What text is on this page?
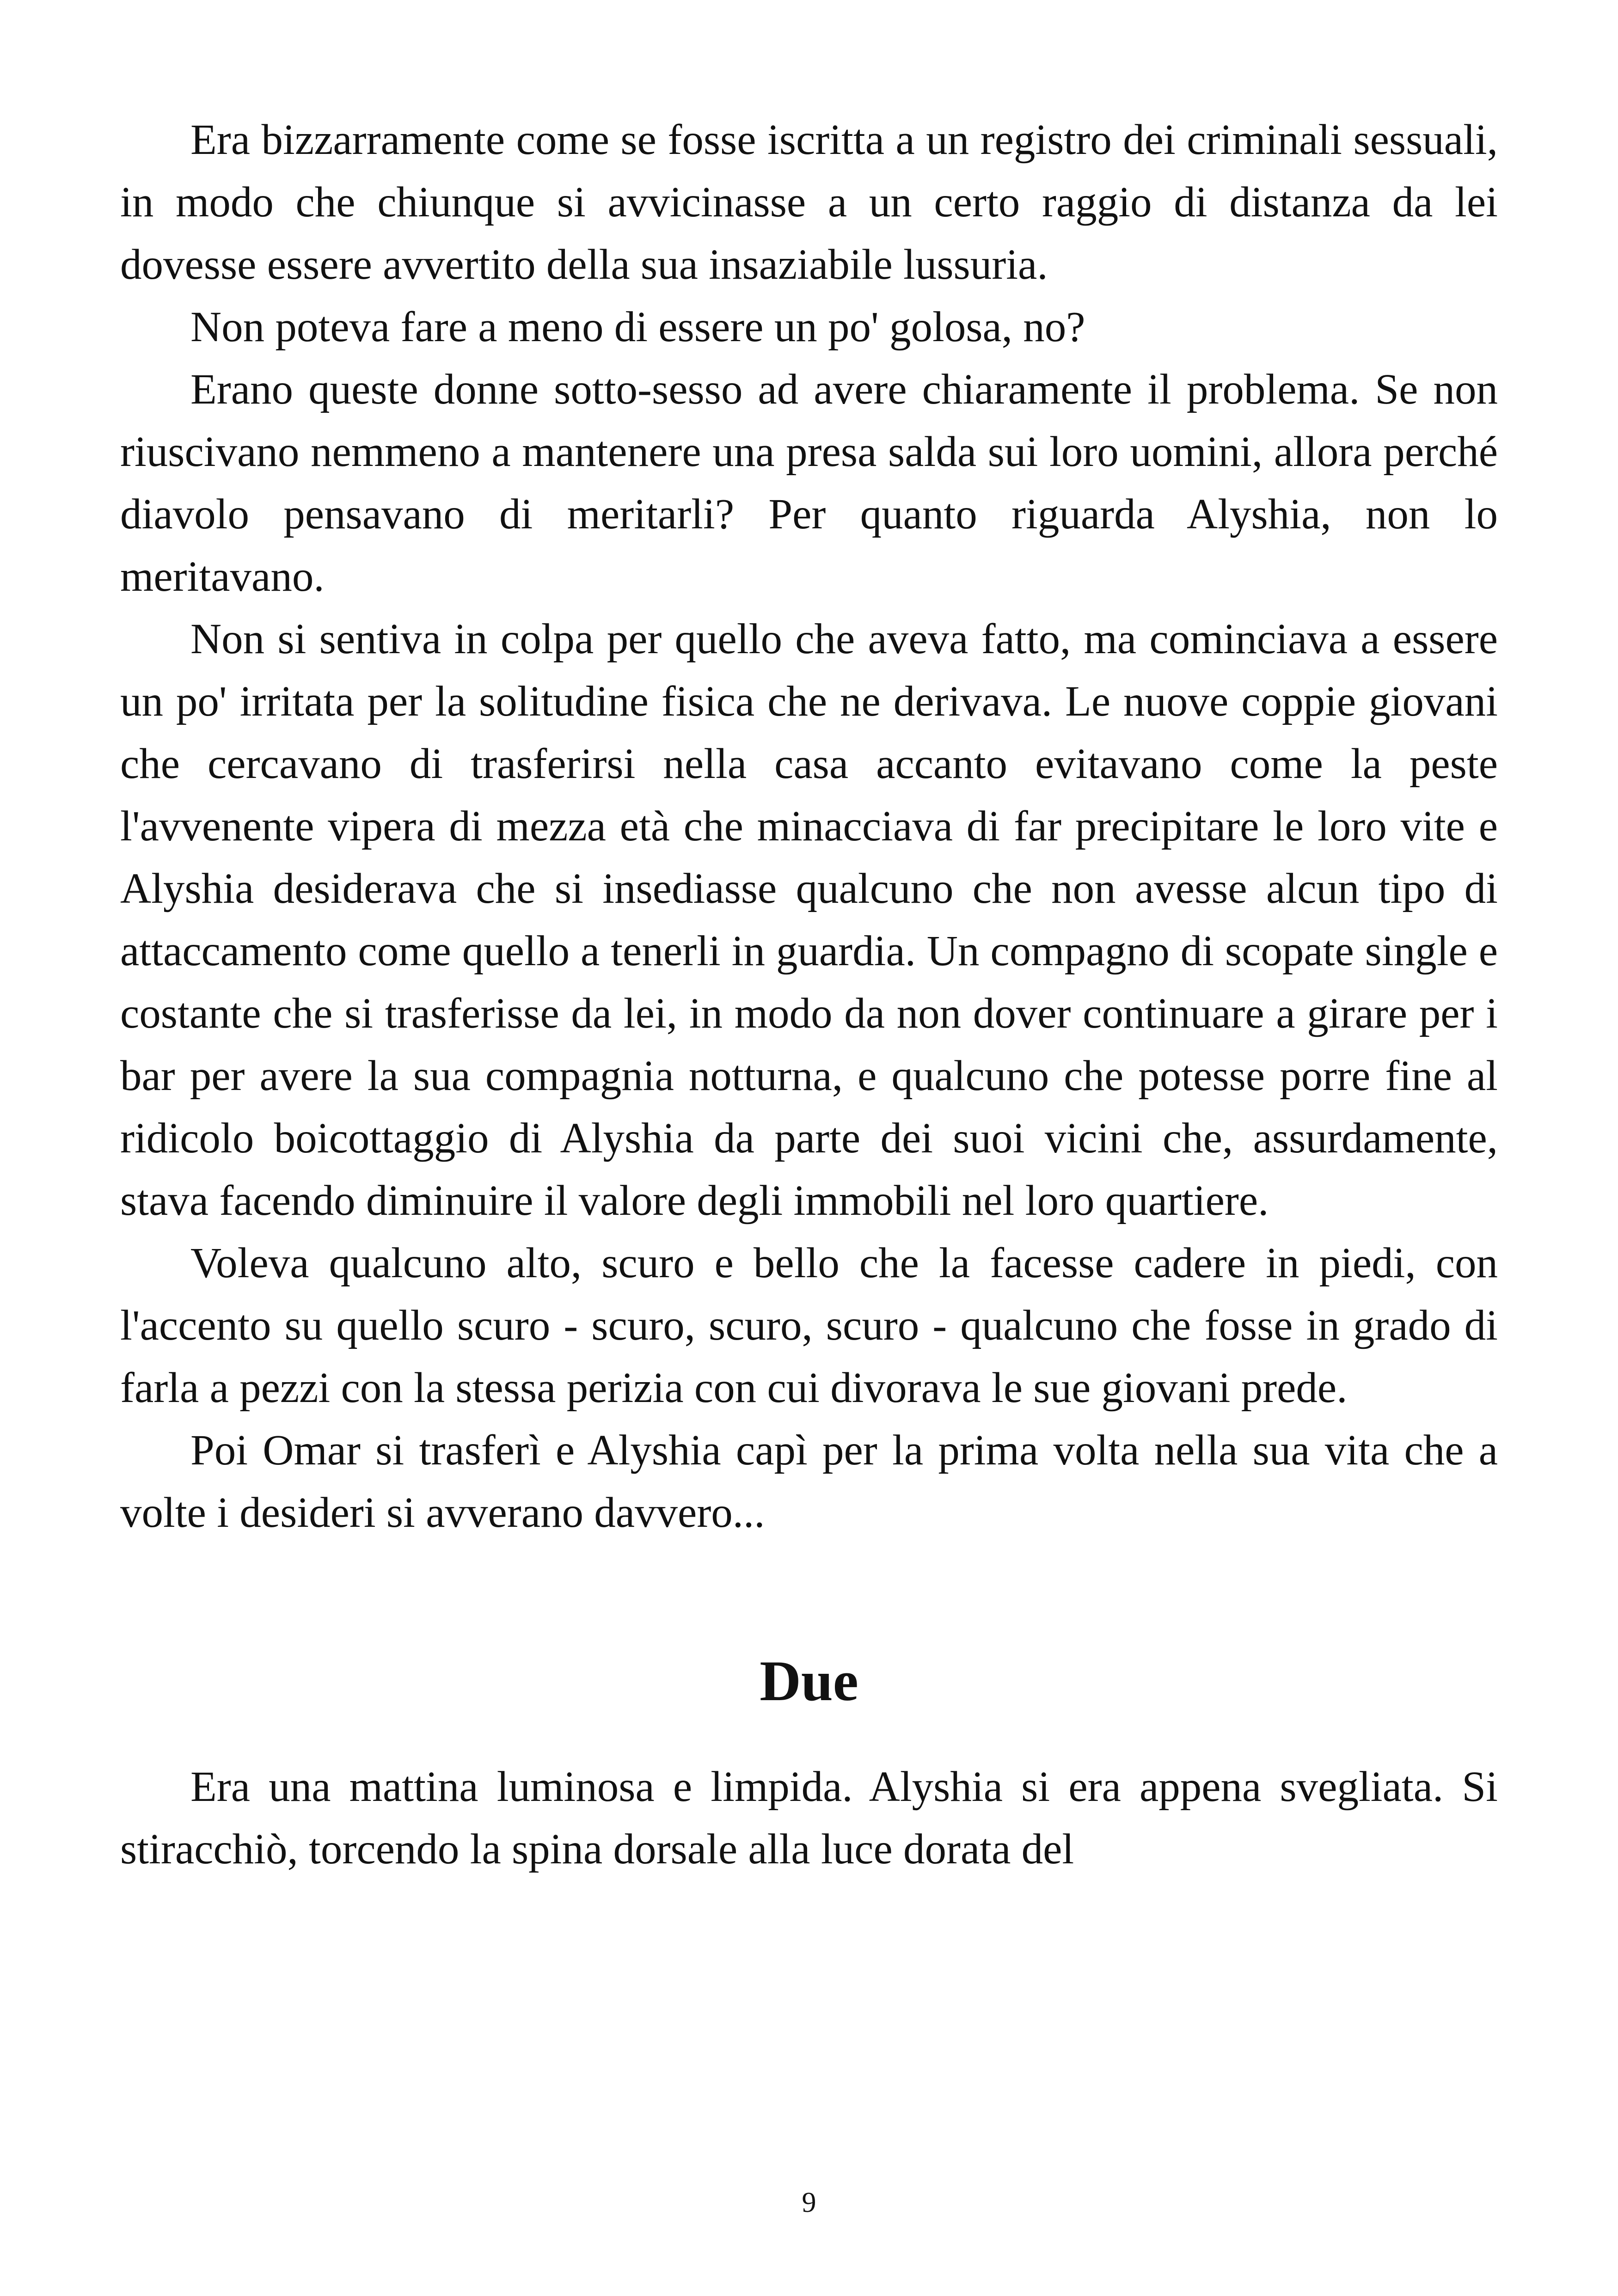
Era bizzarramente come se fosse iscritta a un registro dei criminali sessuali, in modo che chiunque si avvicinasse a un certo raggio di distanza da lei dovesse essere avvertito della sua insaziabile lussuria.

Non poteva fare a meno di essere un po' golosa, no?

Erano queste donne sotto-sesso ad avere chiaramente il problema. Se non riuscivano nemmeno a mantenere una presa salda sui loro uomini, allora perché diavolo pensavano di meritarli? Per quanto riguarda Alyshia, non lo meritavano.

Non si sentiva in colpa per quello che aveva fatto, ma cominciava a essere un po' irritata per la solitudine fisica che ne derivava. Le nuove coppie giovani che cercavano di trasferirsi nella casa accanto evitavano come la peste l'avvenente vipera di mezza età che minacciava di far precipitare le loro vite e Alyshia desiderava che si insediasse qualcuno che non avesse alcun tipo di attaccamento come quello a tenerli in guardia. Un compagno di scopate single e costante che si trasferisse da lei, in modo da non dover continuare a girare per i bar per avere la sua compagnia notturna, e qualcuno che potesse porre fine al ridicolo boicottaggio di Alyshia da parte dei suoi vicini che, assurdamente, stava facendo diminuire il valore degli immobili nel loro quartiere.

Voleva qualcuno alto, scuro e bello che la facesse cadere in piedi, con l'accento su quello scuro - scuro, scuro, scuro - qualcuno che fosse in grado di farla a pezzi con la stessa perizia con cui divorava le sue giovani prede.

Poi Omar si trasferì e Alyshia capì per la prima volta nella sua vita che a volte i desideri si avverano davvero...

Due

Era una mattina luminosa e limpida. Alyshia si era appena svegliata. Si stiracchiò, torcendo la spina dorsale alla luce dorata del

9
